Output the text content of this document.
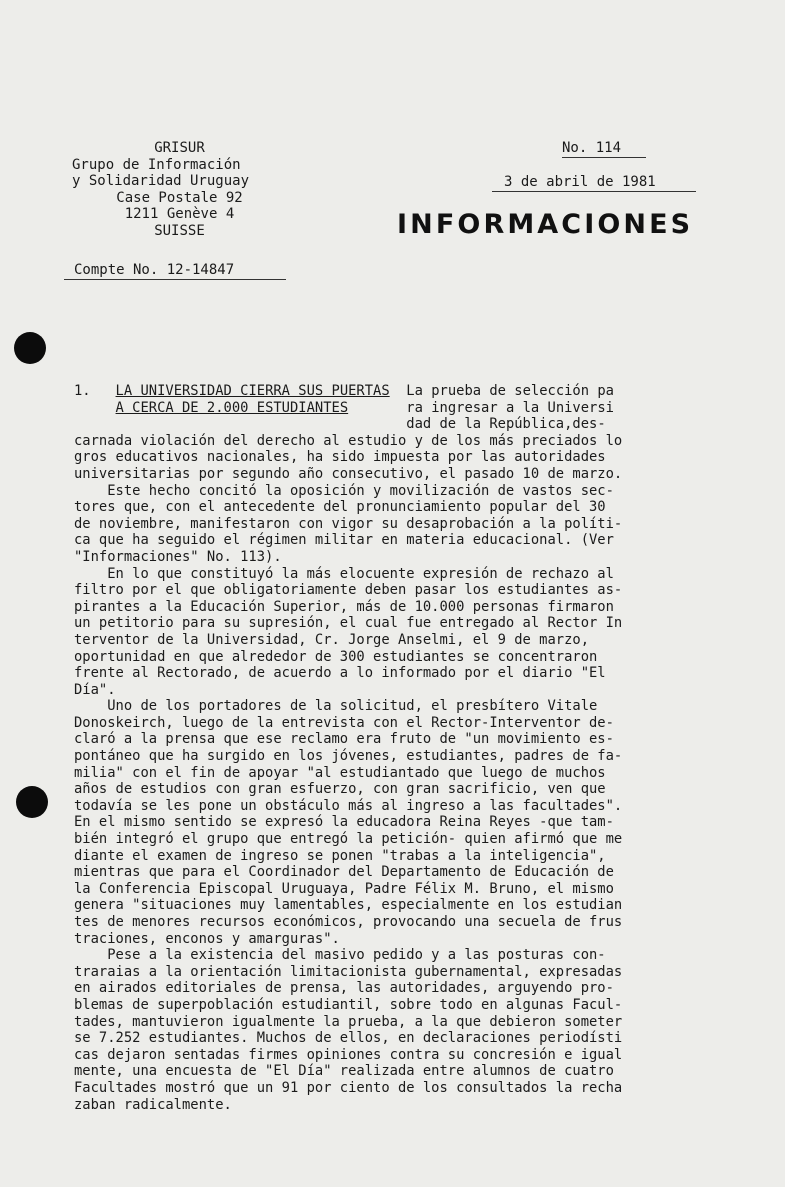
GRISUR
Grupo de Información
y Solidaridad Uruguay
Case Postale 92
1211 Genève 4
SUISSE
Compte No. 12-14847
No. 114
3 de abril de 1981
INFORMACIONES
1. LA UNIVERSIDAD CIERRA SUS PUERTAS La prueba de selección pa
A CERCA DE 2.000 ESTUDIANTES	ra ingresar a la Universi
dad de la República,des-
carnada violación del derecho al estudio y de los más preciados lo
gros educativos nacionales, ha sido impuesta por las autoridades
universitarias por segundo año consecutivo, el pasado 10 de marzo.
Este hecho concitó la oposición y movilización de vastos sec-
tores que, con el antecedente del pronunciamiento popular del 30
de noviembre, manifestaron con vigor su desaprobación a la políti-
ca que ha seguido el régimen militar en materia educacional. (Ver
"Informaciones" No. 113).
En lo que constituyó la más elocuente expresión de rechazo al
filtro por el que obligatoriamente deben pasar los estudiantes as-
pirantes a la Educación Superior, más de 10.000 personas firmaron
un petitorio para su supresión, el cual fue entregado al Rector In
terventor de la Universidad, Cr. Jorge Anselmi, el 9 de marzo,
oportunidad en que alrededor de 300 estudiantes se concentraron
frente al Rectorado, de acuerdo a lo informado por el diario "El
Día".
Uno de los portadores de la solicitud, el presbítero Vitale
Donoskeirch, luego de la entrevista con el Rector-Interventor de-
claró a la prensa que ese reclamo era fruto de "un movimiento es-
pontáneo que ha surgido en los jóvenes, estudiantes, padres de fa-
milia" con el fin de apoyar "al estudiantado que luego de muchos
años de estudios con gran esfuerzo, con gran sacrificio, ven que
todavía se les pone un obstáculo más al ingreso a las facultades".
En el mismo sentido se expresó la educadora Reina Reyes -que tam-
bién integró el grupo que entregó la petición- quien afirmó que me
diante el examen de ingreso se ponen "trabas a la inteligencia",
mientras que para el Coordinador del Departamento de Educación de
la Conferencia Episcopal Uruguaya, Padre Félix M. Bruno, el mismo
genera "situaciones muy lamentables, especialmente en los estudian
tes de menores recursos económicos, provocando una secuela de frus
traciones, enconos y amarguras".
Pese a la existencia del masivo pedido y a las posturas con-
traraias a la orientación limitacionista gubernamental, expresadas
en airados editoriales de prensa, las autoridades, arguyendo pro-
blemas de superpoblación estudiantil, sobre todo en algunas Facul-
tades, mantuvieron igualmente la prueba, a la que debieron someter
se 7.252 estudiantes. Muchos de ellos, en declaraciones periodísti
cas dejaron sentadas firmes opiniones contra su concresión e igual
mente, una encuesta de "El Día" realizada entre alumnos de cuatro
Facultades mostró que un 91 por ciento de los consultados la recha
zaban radicalmente.
